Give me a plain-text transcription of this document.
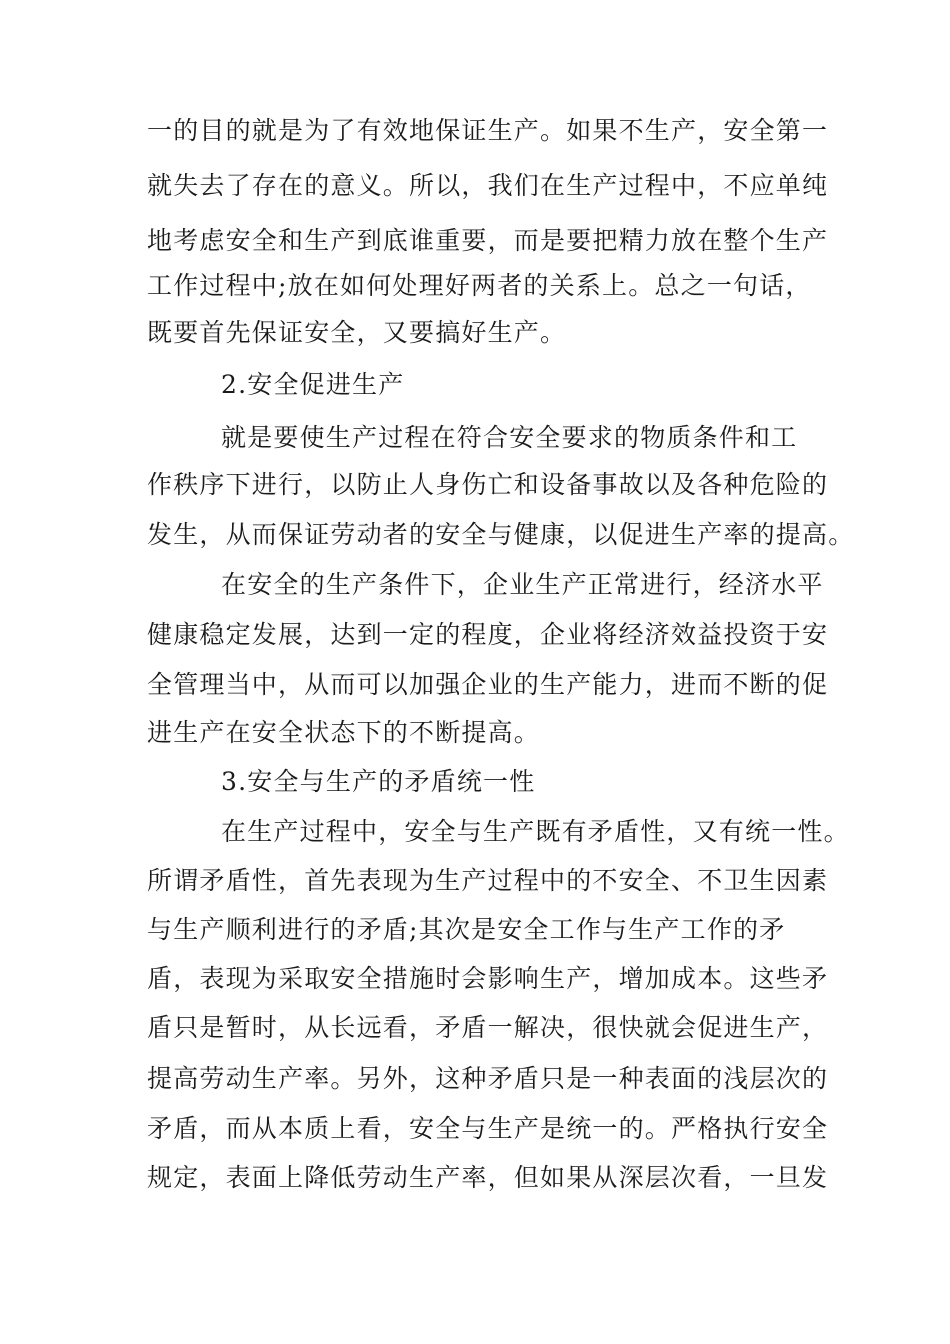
一的目的就是为了有效地保证生产。如果不生产，安全第一
就失去了存在的意义。所以，我们在生产过程中，不应单纯
地考虑安全和生产到底谁重要，而是要把精力放在整个生产
工作过程中;放在如何处理好两者的关系上。总之一句话，
既要首先保证安全，又要搞好生产。
2.安全促进生产
就是要使生产过程在符合安全要求的物质条件和工
作秩序下进行，以防止人身伤亡和设备事故以及各种危险的
发生，从而保证劳动者的安全与健康，以促进生产率的提高。
在安全的生产条件下，企业生产正常进行，经济水平
健康稳定发展，达到一定的程度，企业将经济效益投资于安
全管理当中，从而可以加强企业的生产能力，进而不断的促
进生产在安全状态下的不断提高。
3.安全与生产的矛盾统一性
在生产过程中，安全与生产既有矛盾性，又有统一性。
所谓矛盾性，首先表现为生产过程中的不安全、不卫生因素
与生产顺利进行的矛盾;其次是安全工作与生产工作的矛
盾，表现为采取安全措施时会影响生产，增加成本。这些矛
盾只是暂时，从长远看，矛盾一解决，很快就会促进生产，
提高劳动生产率。另外，这种矛盾只是一种表面的浅层次的
矛盾，而从本质上看，安全与生产是统一的。严格执行安全
规定，表面上降低劳动生产率，但如果从深层次看，一旦发
